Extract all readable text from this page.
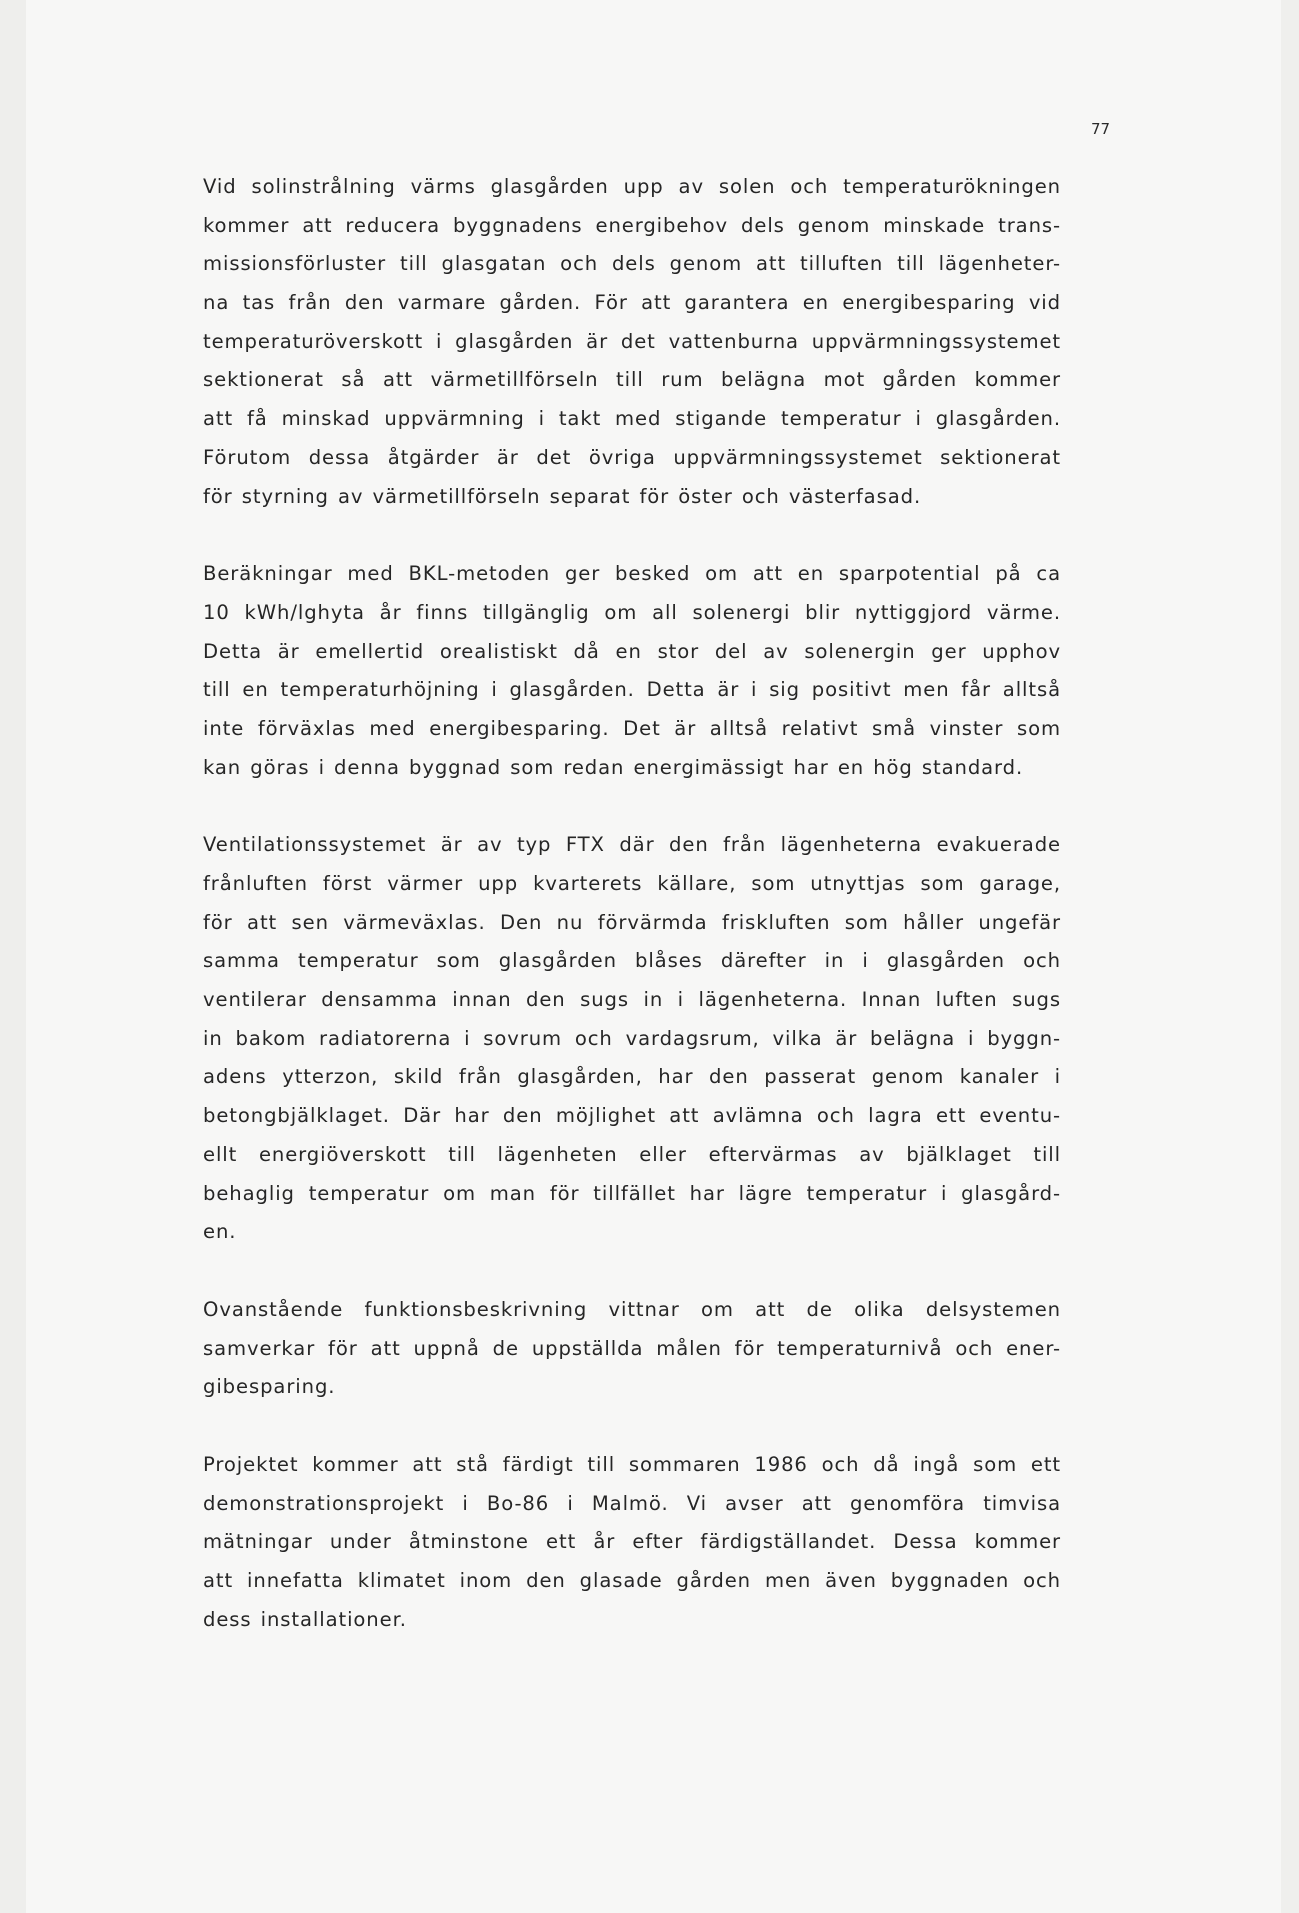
77
Vid solinstrålning värms glasgården upp av solen och temperaturökningen
kommer att reducera byggnadens energibehov dels genom minskade trans-
missionsförluster till glasgatan och dels genom att tilluften till lägenheter-
na tas från den varmare gården. För att garantera en energibesparing vid
temperaturöverskott i glasgården är det vattenburna uppvärmningssystemet
sektionerat så att värmetillförseln till rum belägna mot gården kommer
att få minskad uppvärmning i takt med stigande temperatur i glasgården.
Förutom dessa åtgärder är det övriga uppvärmningssystemet sektionerat
för styrning av värmetillförseln separat för öster och västerfasad.
Beräkningar med BKL-metoden ger besked om att en sparpotential på ca
10 kWh/lghyta år finns tillgänglig om all solenergi blir nyttiggjord värme.
Detta är emellertid orealistiskt då en stor del av solenergin ger upphov
till en temperaturhöjning i glasgården. Detta är i sig positivt men får alltså
inte förväxlas med energibesparing. Det är alltså relativt små vinster som
kan göras i denna byggnad som redan energimässigt har en hög standard.
Ventilationssystemet är av typ FTX där den från lägenheterna evakuerade
frånluften först värmer upp kvarterets källare, som utnyttjas som garage,
för att sen värmeväxlas. Den nu förvärmda friskluften som håller ungefär
samma temperatur som glasgården blåses därefter in i glasgården och
ventilerar densamma innan den sugs in i lägenheterna. Innan luften sugs
in bakom radiatorerna i sovrum och vardagsrum, vilka är belägna i byggn-
adens ytterzon, skild från glasgården, har den passerat genom kanaler i
betongbjälklaget. Där har den möjlighet att avlämna och lagra ett eventu-
ellt energiöverskott till lägenheten eller eftervärmas av bjälklaget till
behaglig temperatur om man för tillfället har lägre temperatur i glasgård-
en.
Ovanstående funktionsbeskrivning vittnar om att de olika delsystemen
samverkar för att uppnå de uppställda målen för temperaturnivå och ener-
gibesparing.
Projektet kommer att stå färdigt till sommaren 1986 och då ingå som ett
demonstrationsprojekt i Bo-86 i Malmö. Vi avser att genomföra timvisa
mätningar under åtminstone ett år efter färdigställandet. Dessa kommer
att innefatta klimatet inom den glasade gården men även byggnaden och
dess installationer.
